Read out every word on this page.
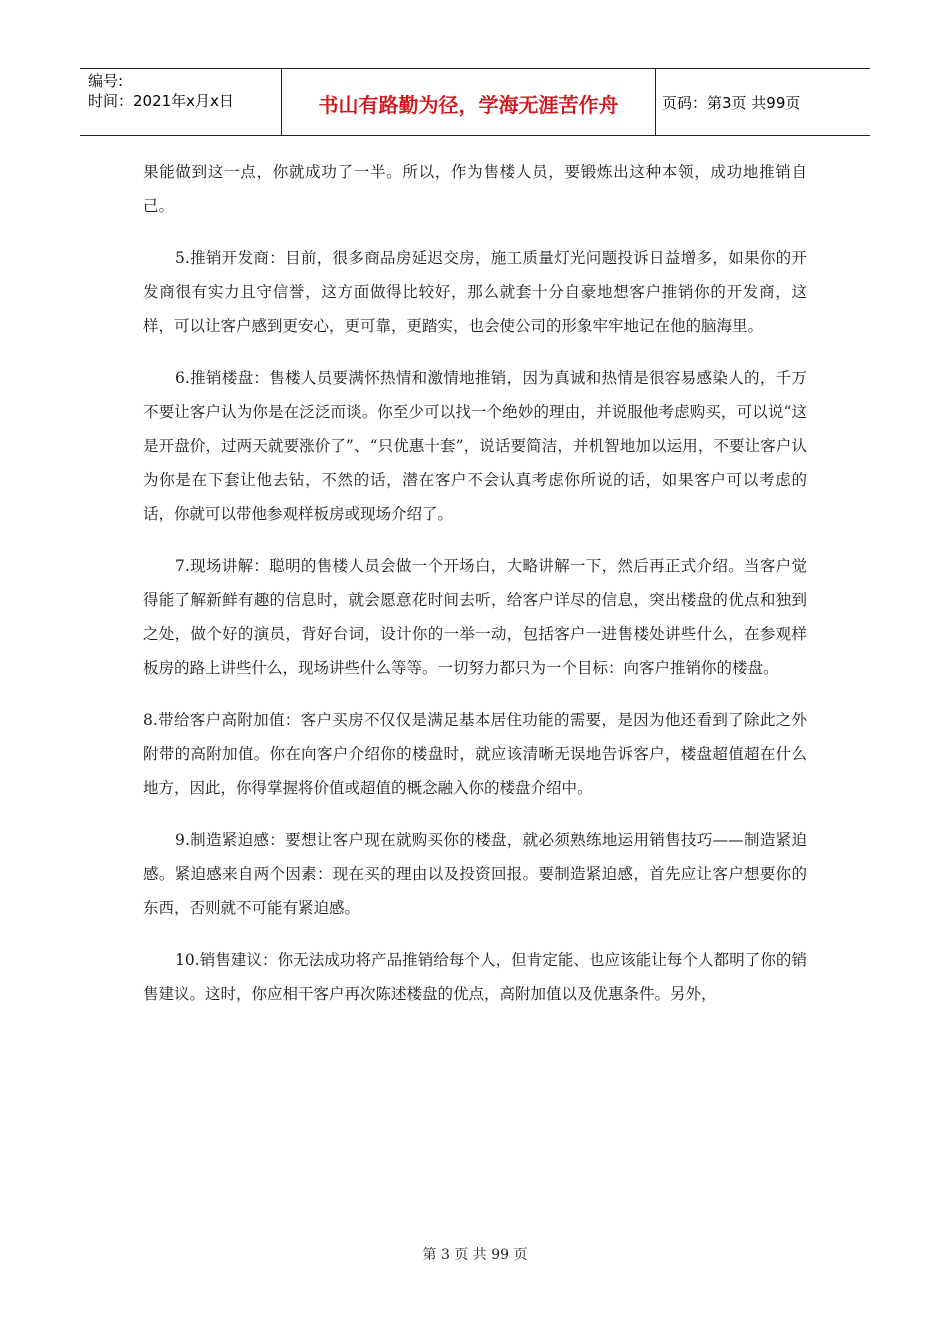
编号:
时间：2021年x月x日	书山有路勤为径，学海无涯苦作舟	页码：第3页 共99页

果能做到这一点，你就成功了一半。所以，作为售楼人员，要锻炼出这种本领，成功地推销自己。

5.推销开发商：目前，很多商品房延迟交房，施工质量灯光问题投诉日益增多，如果你的开发商很有实力且守信誉，这方面做得比较好，那么就套十分自豪地想客户推销你的开发商，这样，可以让客户感到更安心，更可靠，更踏实，也会使公司的形象牢牢地记在他的脑海里。

6.推销楼盘：售楼人员要满怀热情和激情地推销，因为真诚和热情是很容易感染人的，千万不要让客户认为你是在泛泛而谈。你至少可以找一个绝妙的理由，并说服他考虑购买，可以说“这是开盘价，过两天就要涨价了”、“只优惠十套”，说话要简洁，并机智地加以运用，不要让客户认为你是在下套让他去钻，不然的话，潜在客户不会认真考虑你所说的话，如果客户可以考虑的话，你就可以带他参观样板房或现场介绍了。

7.现场讲解：聪明的售楼人员会做一个开场白，大略讲解一下，然后再正式介绍。当客户觉得能了解新鲜有趣的信息时，就会愿意花时间去听，给客户详尽的信息，突出楼盘的优点和独到之处，做个好的演员，背好台词，设计你的一举一动，包括客户一进售楼处讲些什么，在参观样板房的路上讲些什么，现场讲些什么等等。一切努力都只为一个目标：向客户推销你的楼盘。

8.带给客户高附加值：客户买房不仅仅是满足基本居住功能的需要，是因为他还看到了除此之外附带的高附加值。你在向客户介绍你的楼盘时，就应该清晰无误地告诉客户，楼盘超值超在什么地方，因此，你得掌握将价值或超值的概念融入你的楼盘介绍中。

9.制造紧迫感：要想让客户现在就购买你的楼盘，就必须熟练地运用销售技巧——制造紧迫感。紧迫感来自两个因素：现在买的理由以及投资回报。要制造紧迫感，首先应让客户想要你的东西，否则就不可能有紧迫感。

10.销售建议：你无法成功将产品推销给每个人，但肯定能、也应该能让每个人都明了你的销售建议。这时，你应相干客户再次陈述楼盘的优点，高附加值以及优惠条件。另外，

第 3 页 共 99 页
